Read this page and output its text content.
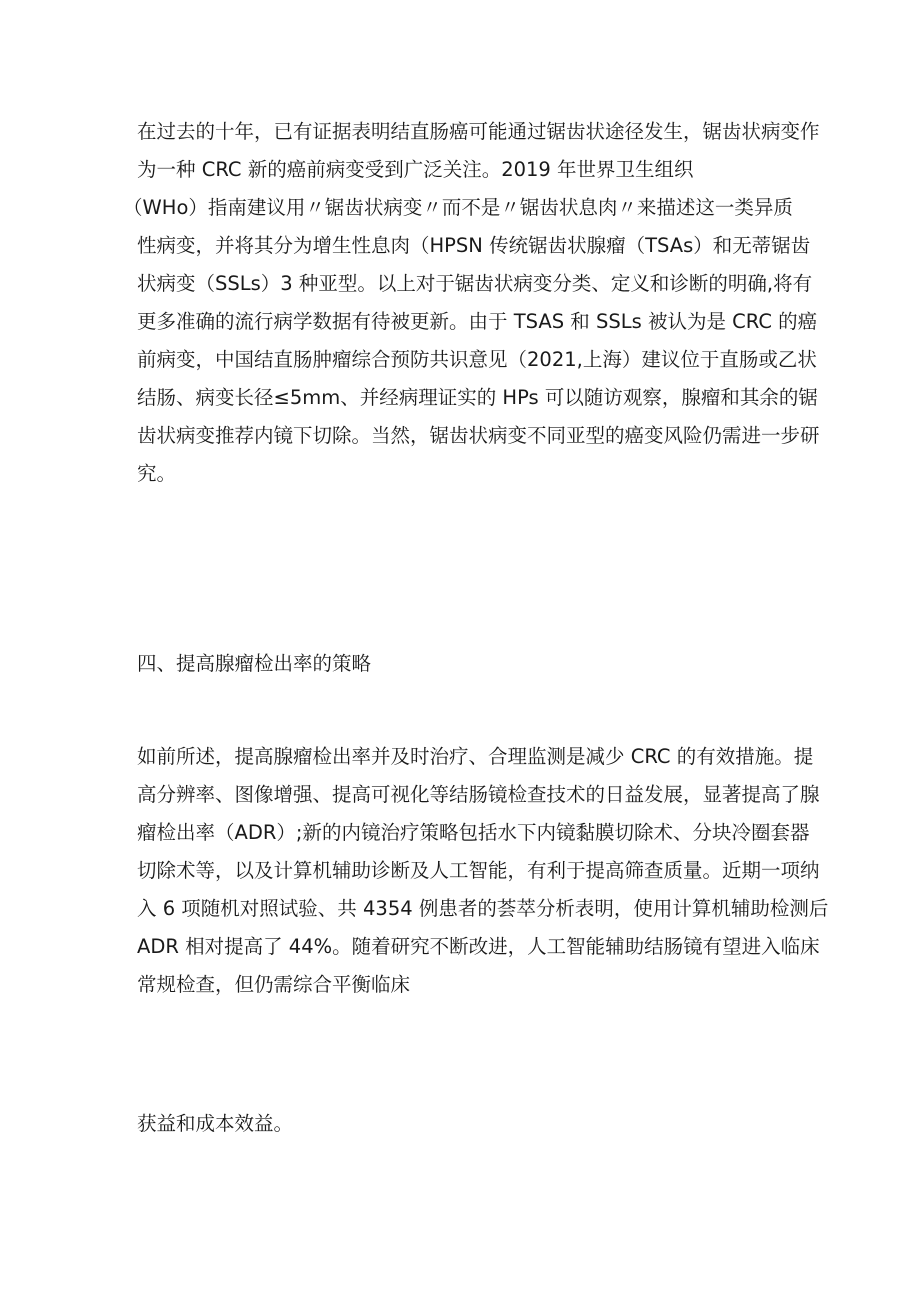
在过去的十年，已有证据表明结直肠癌可能通过锯齿状途径发生，锯齿状病变作
为一种 CRC 新的癌前病变受到广泛关注。2019 年世界卫生组织
（WHo）指南建议用〃锯齿状病变〃而不是〃锯齿状息肉〃来描述这一类异质
性病变，并将其分为增生性息肉（HPSN 传统锯齿状腺瘤（TSAs）和无蒂锯齿
状病变（SSLs）3 种亚型。以上对于锯齿状病变分类、定义和诊断的明确,将有
更多准确的流行病学数据有待被更新。由于 TSAS 和 SSLs 被认为是 CRC 的癌
前病变，中国结直肠肿瘤综合预防共识意见（2021,上海）建议位于直肠或乙状
结肠、病变长径≤5mm、并经病理证实的 HPs 可以随访观察，腺瘤和其余的锯
齿状病变推荐内镜下切除。当然，锯齿状病变不同亚型的癌变风险仍需进一步研
究。
四、提高腺瘤检出率的策略
如前所述，提高腺瘤检出率并及时治疗、合理监测是减少 CRC 的有效措施。提
高分辨率、图像增强、提高可视化等结肠镜检查技术的日益发展，显著提高了腺
瘤检出率（ADR）;新的内镜治疗策略包括水下内镜黏膜切除术、分块冷圈套器
切除术等，以及计算机辅助诊断及人工智能，有利于提高筛查质量。近期一项纳
入 6 项随机对照试验、共 4354 例患者的荟萃分析表明，使用计算机辅助检测后
ADR 相对提高了 44%。随着研究不断改进，人工智能辅助结肠镜有望进入临床
常规检查，但仍需综合平衡临床
获益和成本效益。
